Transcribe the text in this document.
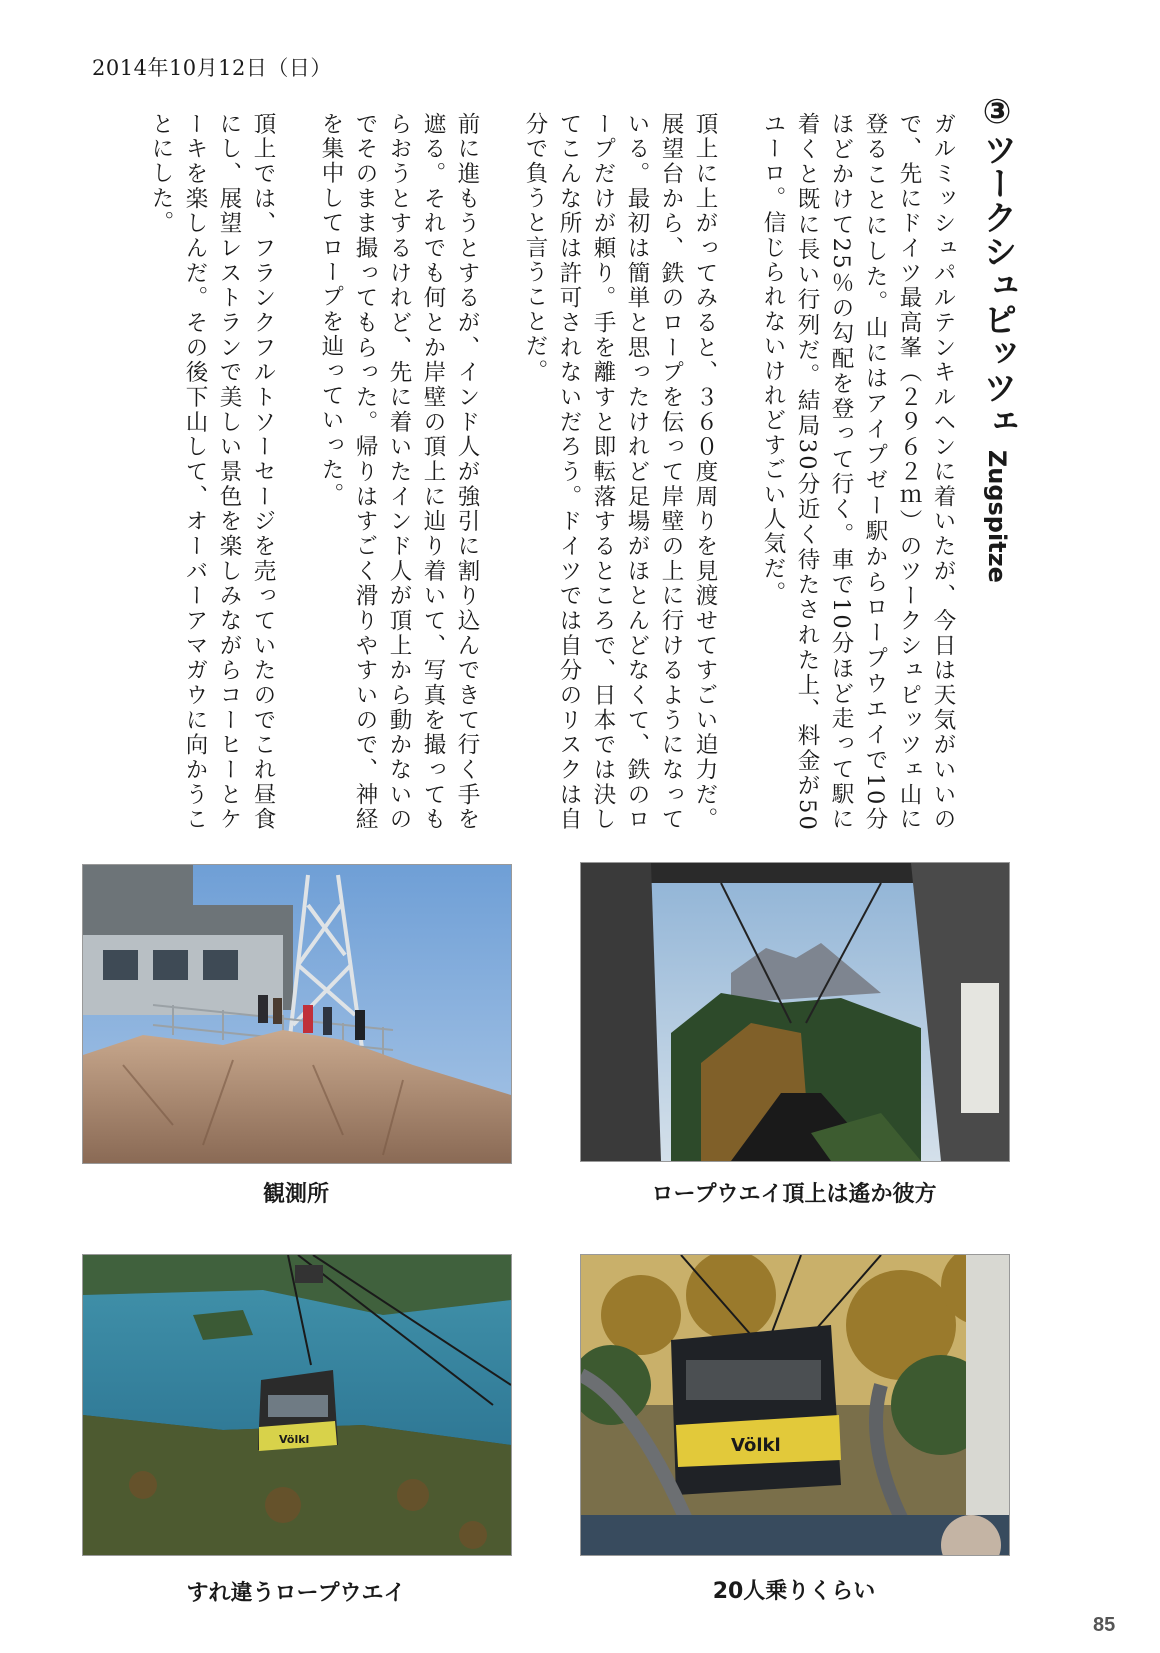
2014年10月12日（日）
③ツークシュピッツェ Zugspitze

ガルミッシュパルテンキルヘンに着いたが、今日は天気がいいので、先にドイツ最高峯（２９６２ｍ）のツークシュピッツェ山に登ることにした。山にはアイプゼー駅からロープウエイで10分ほどかけて25％の勾配を登って行く。車で10分ほど走って駅に着くと既に長い行列だ。結局30分近く待たされた上、料金が50ユーロ。信じられないけれどすごい人気だ。

頂上に上がってみると、３６０度周りを見渡せてすごい迫力だ。展望台から、鉄のロープを伝って岸壁の上に行けるようになっている。最初は簡単と思ったけれど足場がほとんどなくて、鉄のロープだけが頼り。手を離すと即転落するところで、日本では決してこんな所は許可されないだろう。ドイツでは自分のリスクは自分で負うと言うことだ。

前に進もうとするが、インド人が強引に割り込んできて行く手を遮る。それでも何とか岸壁の頂上に辿り着いて、写真を撮ってもらおうとするけれど、先に着いたインド人が頂上から動かないのでそのまま撮ってもらった。帰りはすごく滑りやすいので、神経を集中してロープを辿っていった。

頂上では、フランクフルトソーセージを売っていたのでこれ昼食にし、展望レストランで美しい景色を楽しみながらコーヒーとケーキを楽しんだ。その後下山して、オーバーアマガウに向かうことにした。

Völkl	Völkl
観測所	ロープウエイ頂上は遙か彼方
すれ違うロープウエイ	20人乗りくらい
85
